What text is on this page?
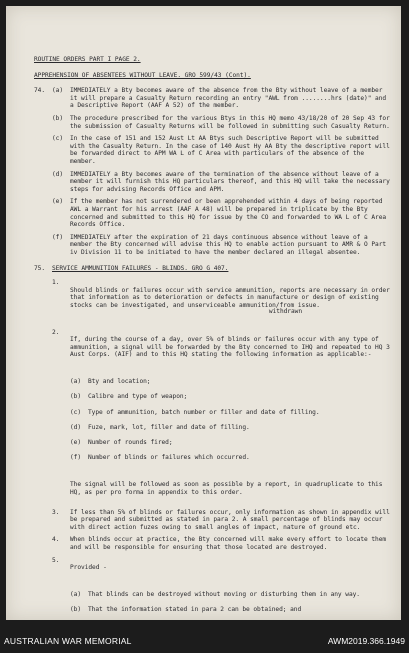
ROUTINE ORDERS PART I PAGE 2.
APPREHENSION OF ABSENTEES WITHOUT LEAVE. GRO 599/43 (Cont).
74.	(a)	IMMEDIATELY a Bty becomes aware of the absence from the Bty without leave of a member it will prepare a Casualty Return recording an entry "AWL from ........hrs (date)" and a Descriptive Report (AAF A 52) of the member.
(b)	The procedure prescribed for the various Btys in this HQ memo 43/18/20 of 20 Sep 43 for the submission of Casualty Returns will be followed in submitting such Casualty Return.
(c)	In the case of 151 and 152 Aust Lt AA Btys such Descriptive Report will be submitted with the Casualty Return. In the case of 140 Aust Hy AA Bty the descriptive report will be forwarded direct to APM WA L of C Area with particulars of the absence of the member.
(d)	IMMEDIATELY a Bty becomes aware of the termination of the absence without leave of a member it will furnish this HQ particulars thereof, and this HQ will take the necessary steps for advising Records Office and APM.
(e)	If the member has not surrendered or been apprehended within 4 days of being reported AWL a Warrant for his arrest (AAF A 48) will be prepared in triplicate by the Bty concerned and submitted to this HQ for issue by the CO and forwarded to WA L of C Area Records Office.
(f)	IMMEDIATELY after the expiration of 21 days continuous absence without leave of a member the Bty concerned will advise this HQ to enable action pursuant to AMR & O Part iv Division 11 to be initiated to have the member declared an illegal absentee.
75.	SERVICE AMMUNITION FAILURES - BLINDS. GRO G 407.
1.

Should blinds or failures occur with service ammunition, reports are necessary in order that information as to deterioration or defects in manufacture or design of existing stocks can be investigated, and unserviceable ammunition/from issue.

withdrawn

2.

If, during the course of a day, over 5% of blinds or failures occur with any type of ammunition, a signal will be forwarded by the Bty concerned to IHQ and repeated to HQ 3 Aust Corps. (AIF) and to this HQ stating the following information as applicable:-

(a)	Bty and location;

(b)	Calibre and type of weapon;

(c)	Type of ammunition, batch number or filler and date of filling.

(d)	Fuze, mark, lot, filler and date of filling.

(e)	Number of rounds fired;

(f)	Number of blinds or failures which occurred.

The signal will be followed as soon as possible by a report, in quadruplicate to this HQ, as per pro forma in appendix to this order.

3.	If less than 5% of blinds or failures occur, only information as shown in appendix will be prepared and submitted as stated in para 2. A small percentage of blinds may occur with direct action fuzes owing to small angles of impact, nature of ground etc.
4.	When blinds occur at practice, the Bty concerned will make every effort to locate them and will be responsible for ensuring that those located are destroyed.
5.

Provided -

(a)	That blinds can be destroyed without moving or disturbing them in any way.

(b)	That the information stated in para 2 can be obtained; and

AUSTRALIAN WAR MEMORIAL	AWM2019.366.1949
